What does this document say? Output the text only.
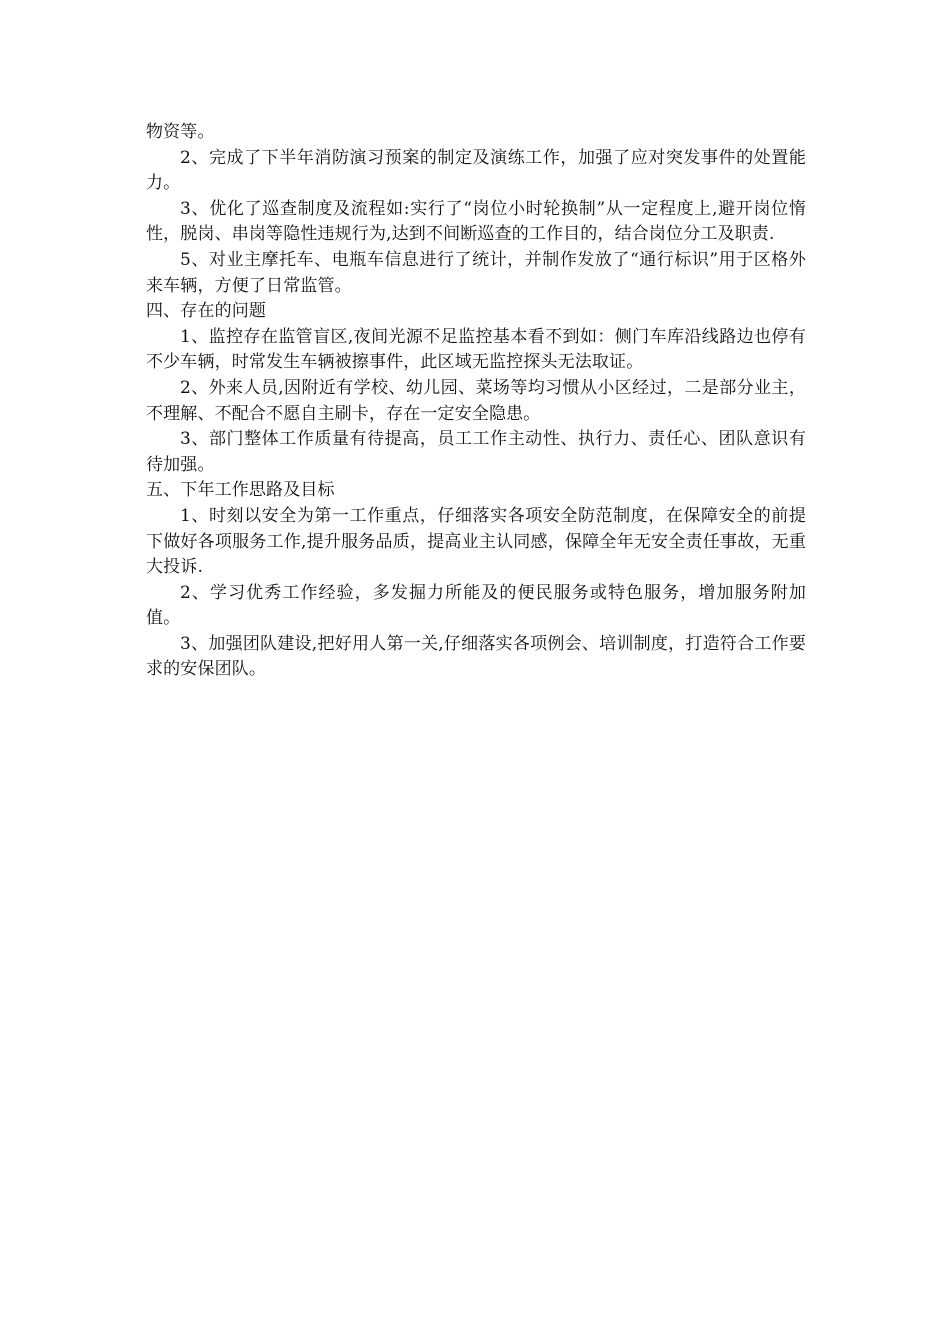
物资等。

2、完成了下半年消防演习预案的制定及演练工作，加强了应对突发事件的处置能力。

3、优化了巡查制度及流程如:实行了“岗位小时轮换制”从一定程度上,避开岗位惰性，脱岗、串岗等隐性违规行为,达到不间断巡查的工作目的，结合岗位分工及职责.

5、对业主摩托车、电瓶车信息进行了统计，并制作发放了“通行标识”用于区格外来车辆，方便了日常监管。

四、存在的问题

1、监控存在监管盲区,夜间光源不足监控基本看不到如：侧门车库沿线路边也停有不少车辆，时常发生车辆被擦事件，此区域无监控探头无法取证。

2、外来人员,因附近有学校、幼儿园、菜场等均习惯从小区经过，二是部分业主，不理解、不配合不愿自主刷卡，存在一定安全隐患。

3、部门整体工作质量有待提高，员工工作主动性、执行力、责任心、团队意识有待加强。

五、下年工作思路及目标

1、时刻以安全为第一工作重点，仔细落实各项安全防范制度，在保障安全的前提下做好各项服务工作,提升服务品质，提高业主认同感，保障全年无安全责任事故，无重大投诉.

2、学习优秀工作经验，多发掘力所能及的便民服务或特色服务，增加服务附加值。

3、加强团队建设,把好用人第一关,仔细落实各项例会、培训制度，打造符合工作要求的安保团队。
